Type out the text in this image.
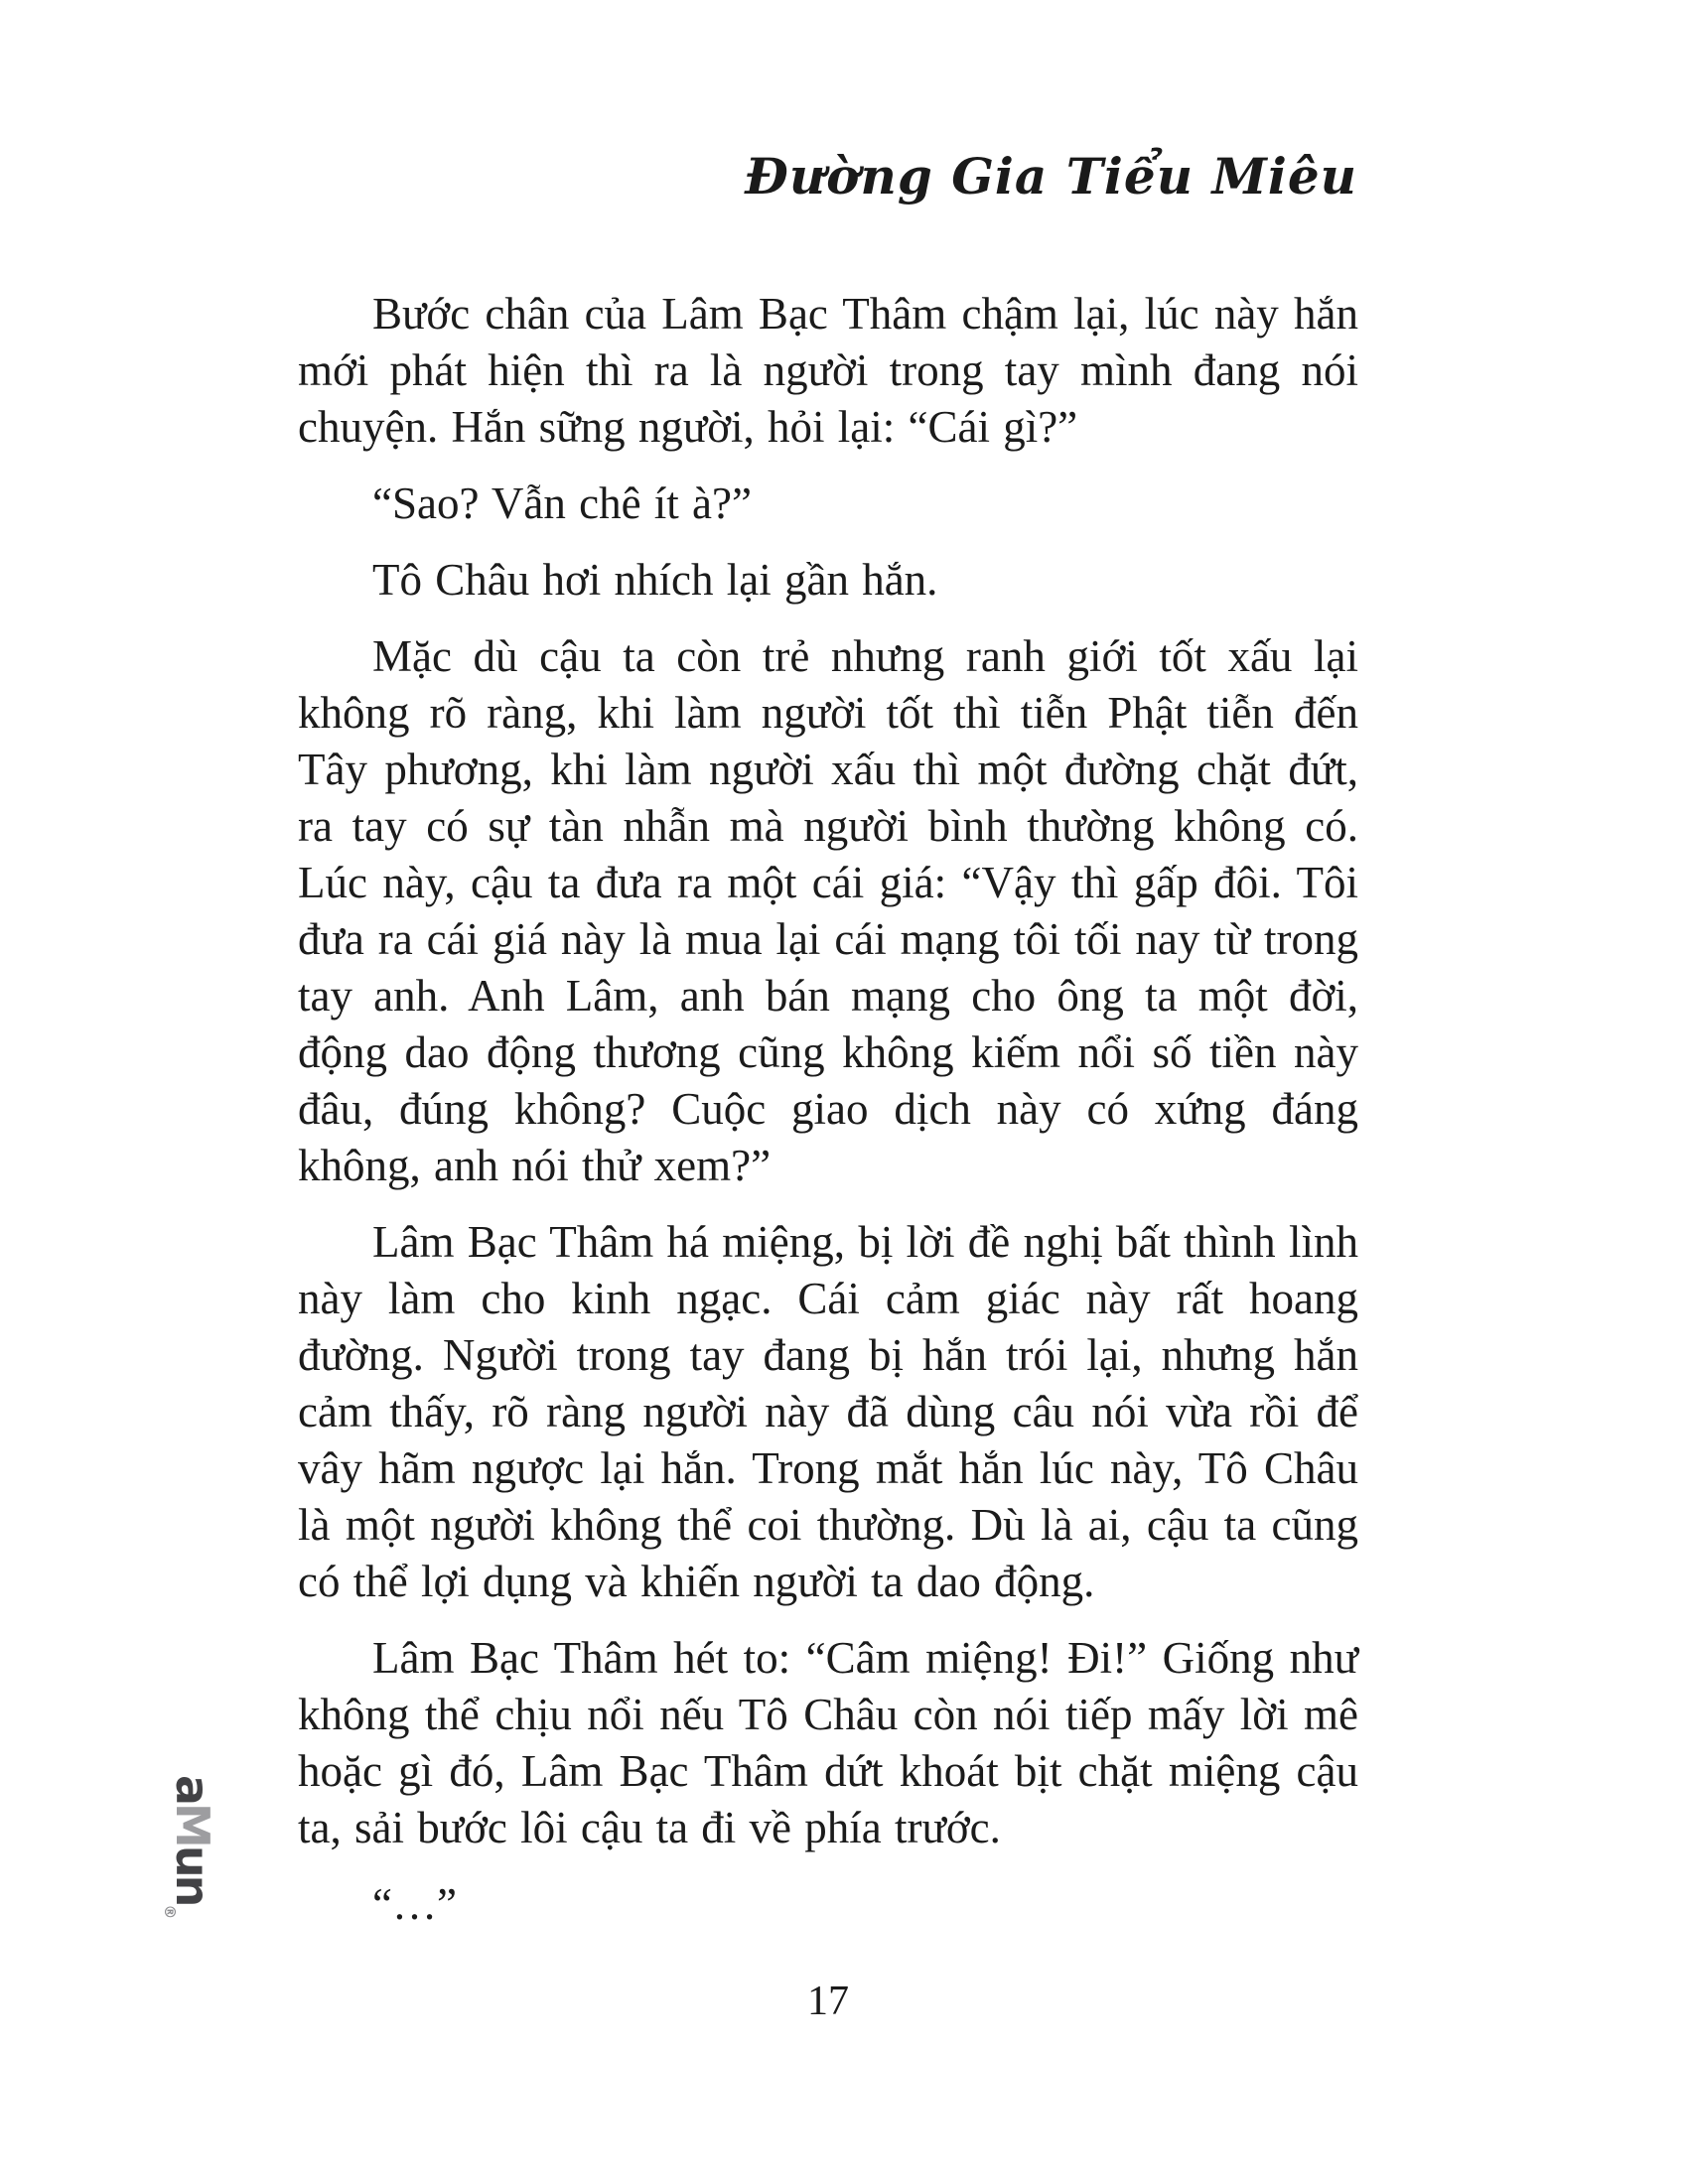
Đường Gia Tiểu Miêu

Bước chân của Lâm Bạc Thâm chậm lại, lúc này hắn mới phát hiện thì ra là người trong tay mình đang nói chuyện. Hắn sững người, hỏi lại: “Cái gì?”

“Sao? Vẫn chê ít à?”

Tô Châu hơi nhích lại gần hắn.

Mặc dù cậu ta còn trẻ nhưng ranh giới tốt xấu lại không rõ ràng, khi làm người tốt thì tiễn Phật tiễn đến Tây phương, khi làm người xấu thì một đường chặt đứt, ra tay có sự tàn nhẫn mà người bình thường không có. Lúc này, cậu ta đưa ra một cái giá: “Vậy thì gấp đôi. Tôi đưa ra cái giá này là mua lại cái mạng tôi tối nay từ trong tay anh. Anh Lâm, anh bán mạng cho ông ta một đời, động dao động thương cũng không kiếm nổi số tiền này đâu, đúng không? Cuộc giao dịch này có xứng đáng không, anh nói thử xem?”

Lâm Bạc Thâm há miệng, bị lời đề nghị bất thình lình này làm cho kinh ngạc. Cái cảm giác này rất hoang đường. Người trong tay đang bị hắn trói lại, nhưng hắn cảm thấy, rõ ràng người này đã dùng câu nói vừa rồi để vây hãm ngược lại hắn. Trong mắt hắn lúc này, Tô Châu là một người không thể coi thường. Dù là ai, cậu ta cũng có thể lợi dụng và khiến người ta dao động.

Lâm Bạc Thâm hét to: “Câm miệng! Đi!” Giống như không thể chịu nổi nếu Tô Châu còn nói tiếp mấy lời mê hoặc gì đó, Lâm Bạc Thâm dứt khoát bịt chặt miệng cậu ta, sải bước lôi cậu ta đi về phía trước.

“…”

aMun$_®$
17
